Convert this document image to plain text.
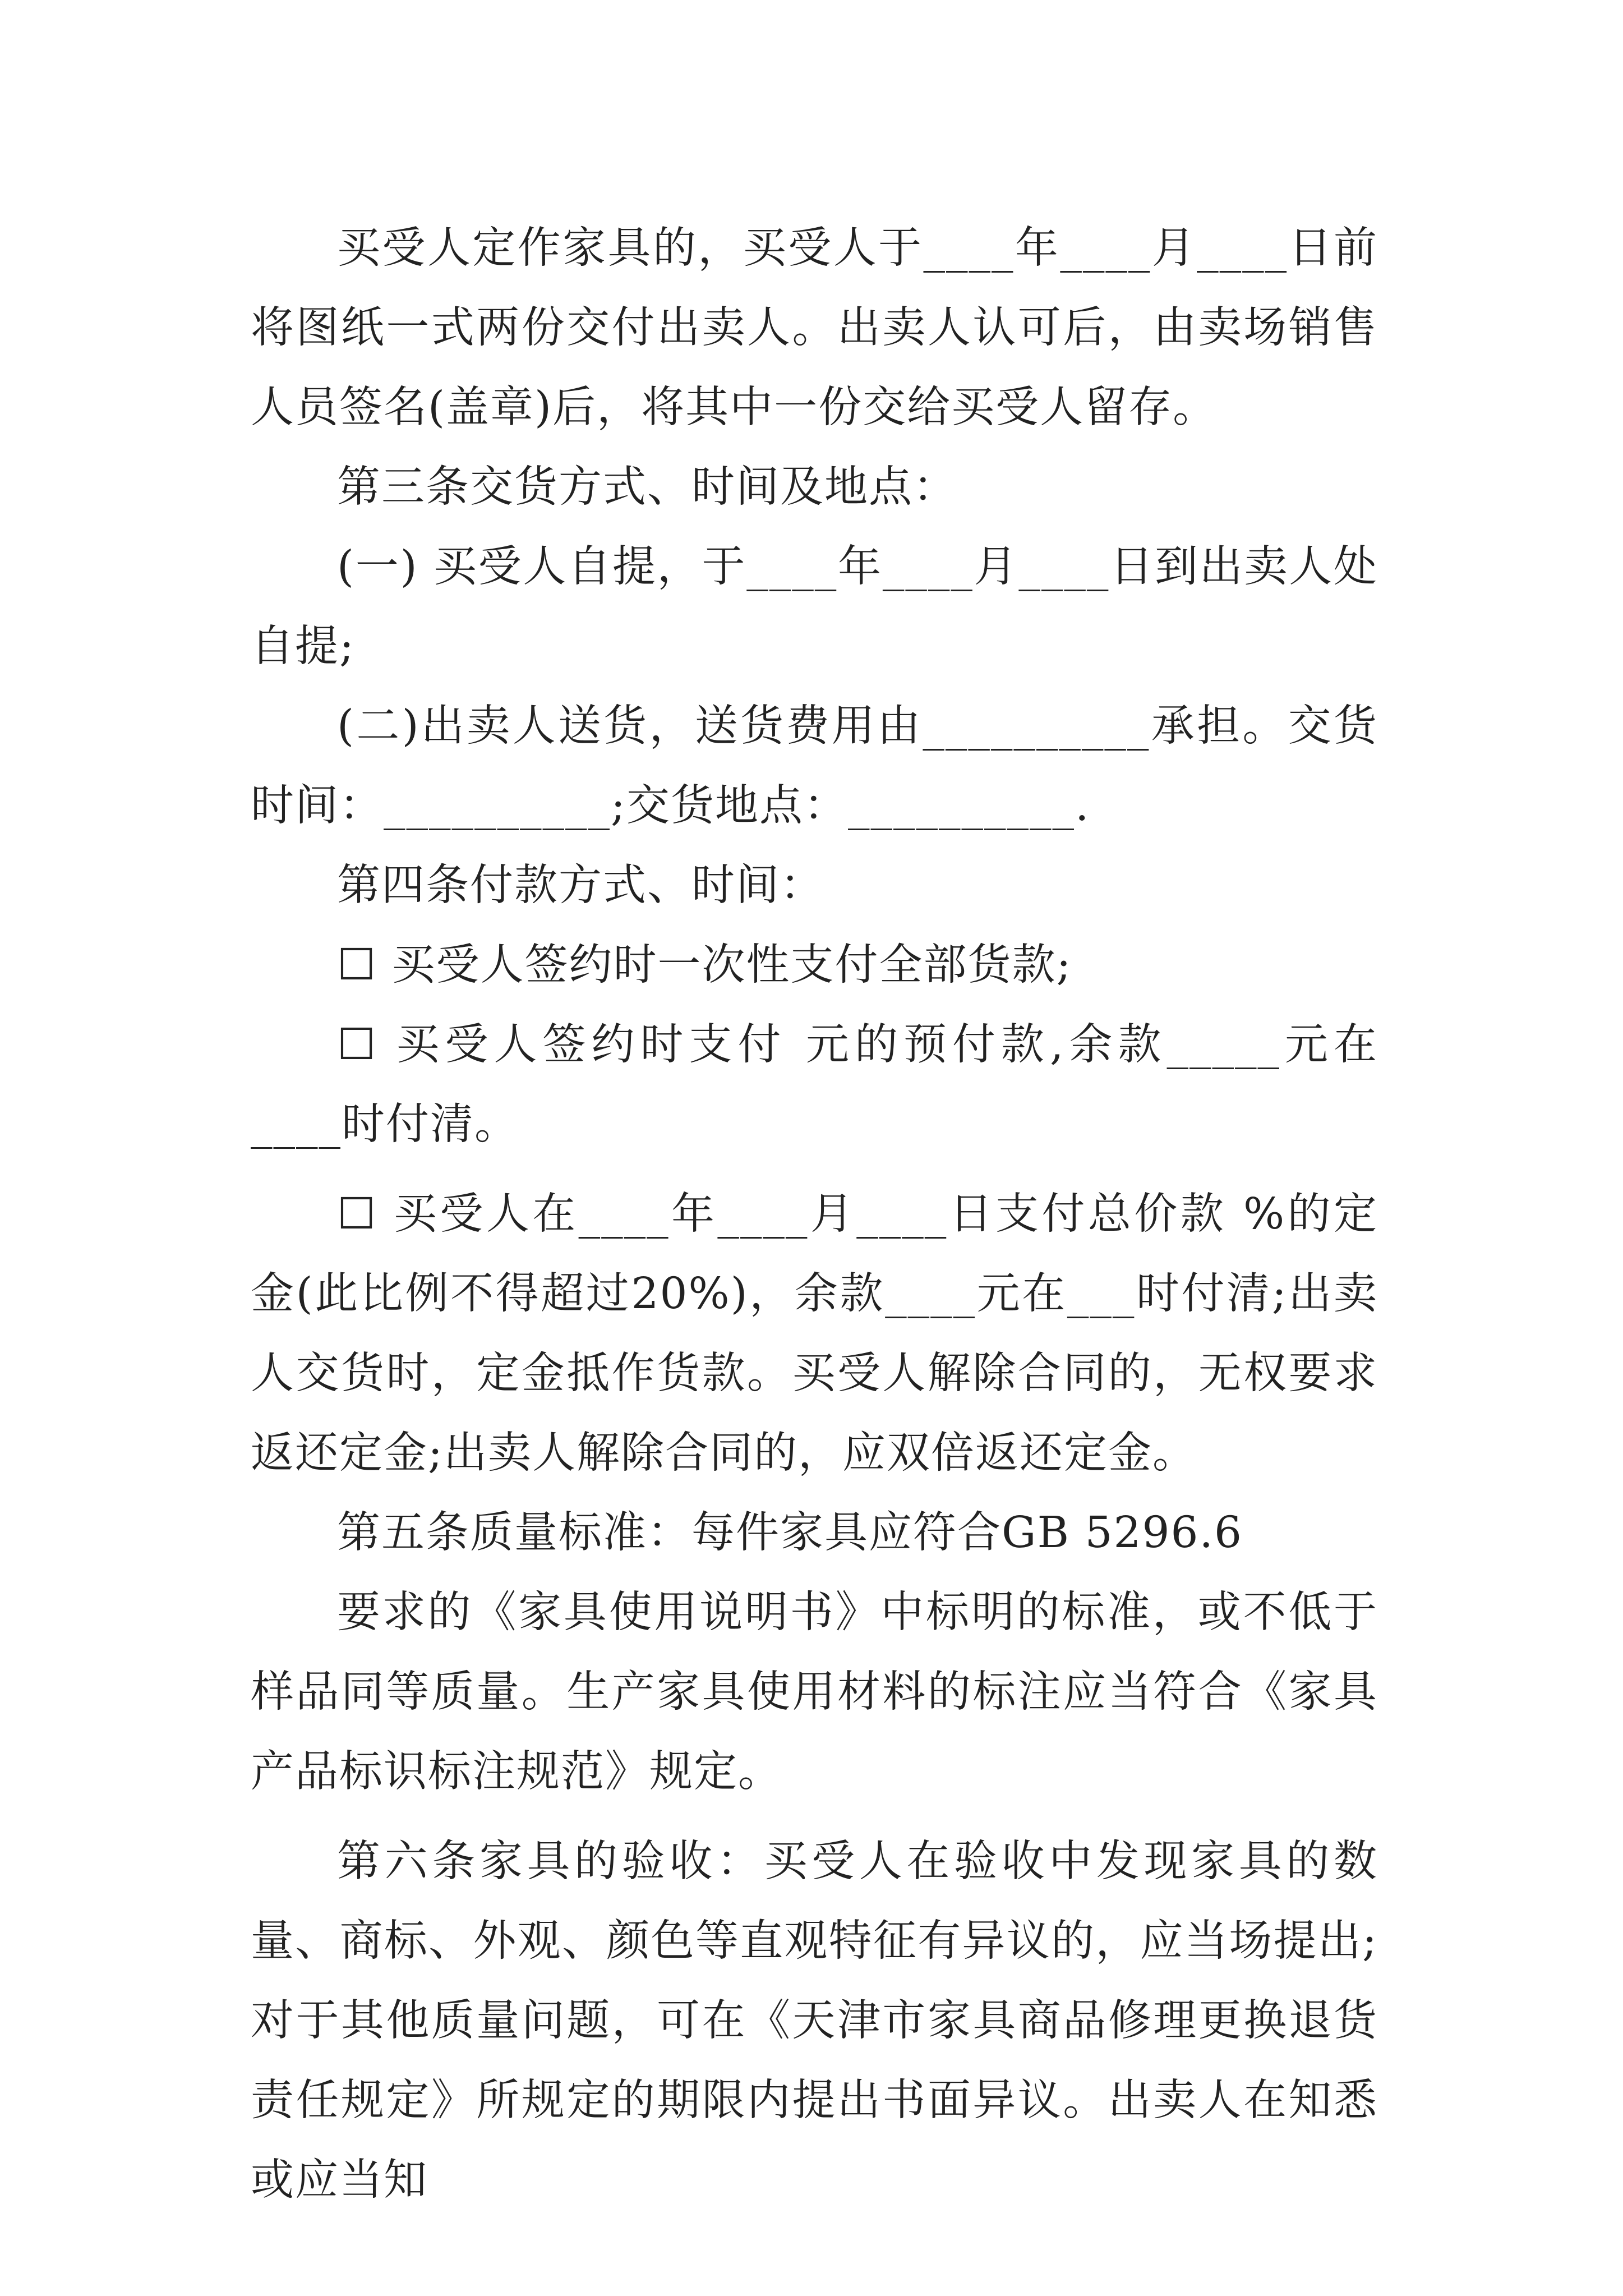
买受人定作家具的，买受人于____年____月____日前将图纸一式两份交付出卖人。出卖人认可后，由卖场销售人员签名(盖章)后，将其中一份交给买受人留存。

第三条交货方式、时间及地点：

(一) 买受人自提，于____年____月____日到出卖人处自提;

(二)出卖人送货，送货费用由__________承担。交货时间：__________;交货地点：__________.

第四条付款方式、时间：

☐ 买受人签约时一次性支付全部货款;

☐ 买受人签约时支付 元的预付款,余款_____元在____时付清。

☐ 买受人在____年____月____日支付总价款 %的定金(此比例不得超过20%)，余款____元在___时付清;出卖人交货时，定金抵作货款。买受人解除合同的，无权要求返还定金;出卖人解除合同的，应双倍返还定金。

第五条质量标准：每件家具应符合GB 5296.6

要求的《家具使用说明书》中标明的标准，或不低于样品同等质量。生产家具使用材料的标注应当符合《家具产品标识标注规范》规定。

第六条家具的验收：买受人在验收中发现家具的数量、商标、外观、颜色等直观特征有异议的，应当场提出;对于其他质量问题，可在《天津市家具商品修理更换退货责任规定》所规定的期限内提出书面异议。出卖人在知悉或应当知
